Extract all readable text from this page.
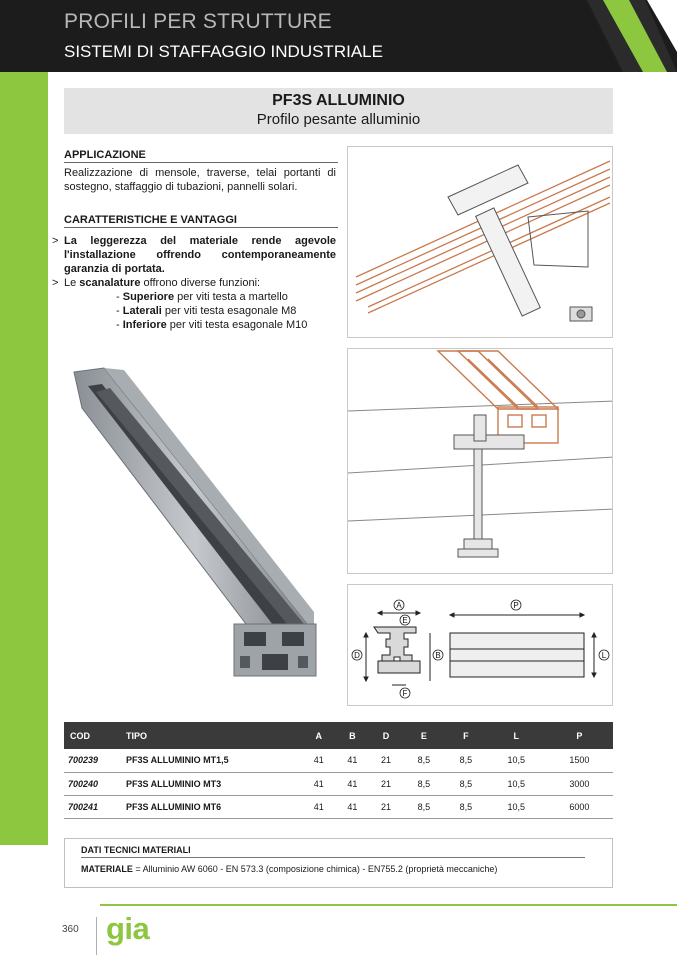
PROFILI PER STRUTTURE
SISTEMI DI STAFFAGGIO INDUSTRIALE
PF3S ALLUMINIO
Profilo pesante alluminio
APPLICAZIONE
Realizzazione di mensole, traverse, telai portanti di sostegno, staffaggio di tubazioni, pannelli solari.
CARATTERISTICHE E VANTAGGI
> La leggerezza del materiale rende agevole l'installazione offrendo contemporaneamente garanzia di portata.
> Le scanalature offrono diverse funzioni:
- Superiore per viti testa a martello
- Laterali per viti testa esagonale M8
- Inferiore per viti testa esagonale M10
A
E
D	B
F
P
L
COD	TIPO	A	B	D	E	F	L	P
700239	PF3S ALLUMINIO MT1,5	41	41	21	8,5	8,5	10,5	1500
700240	PF3S ALLUMINIO MT3	41	41	21	8,5	8,5	10,5	3000
700241	PF3S ALLUMINIO MT6	41	41	21	8,5	8,5	10,5	6000
DATI TECNICI MATERIALI
MATERIALE = Alluminio AW 6060 - EN 573.3 (composizione chimica) - EN755.2 (proprietà meccaniche)
360 gia
